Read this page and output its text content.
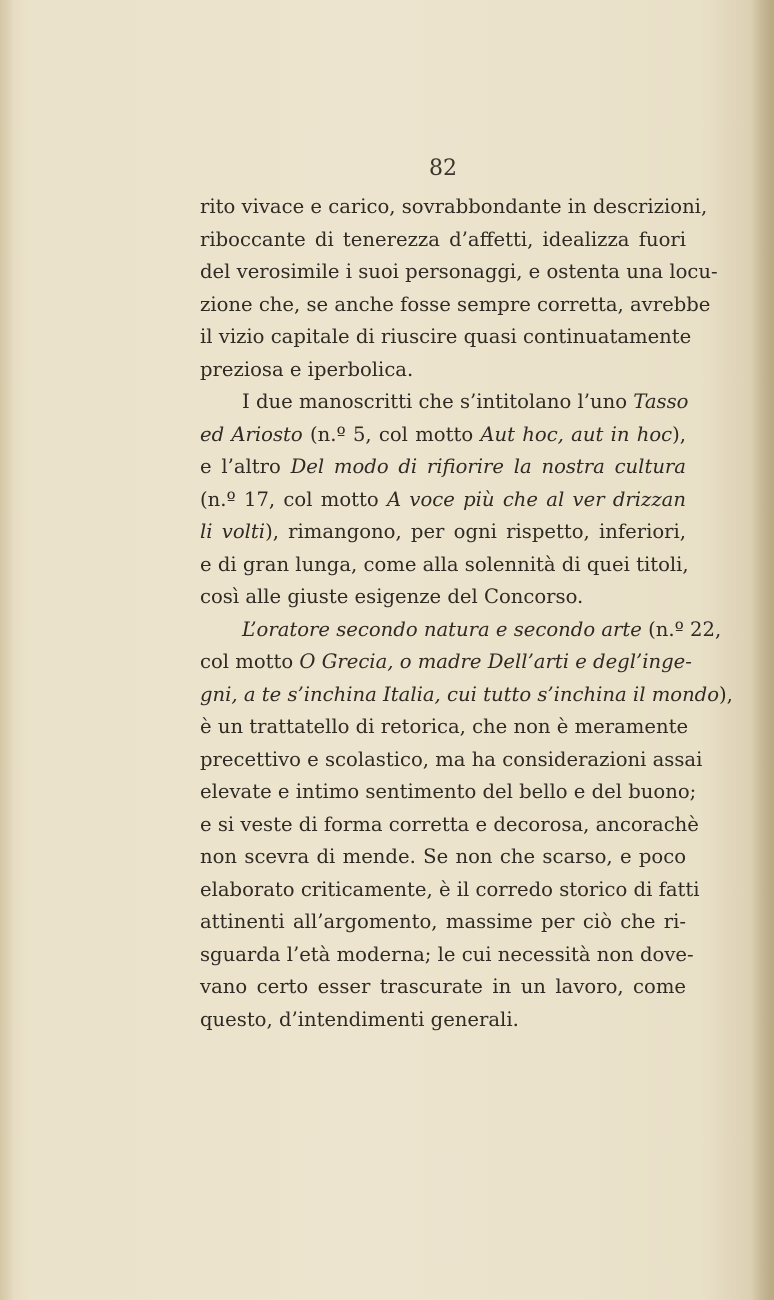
82
rito vivace e carico, sovrabbondante in descrizioni,
riboccante di tenerezza d’affetti, idealizza fuori
del verosimile i suoi personaggi, e ostenta una locu-
zione che, se anche fosse sempre corretta, avrebbe
il vizio capitale di riuscire quasi continuatamente
preziosa e iperbolica.
I due manoscritti che s’intitolano l’uno Tasso
ed Ariosto (n.º 5, col motto Aut hoc, aut in hoc),
e l’altro Del modo di rifiorire la nostra cultura
(n.º 17, col motto A voce più che al ver drizzan
li volti), rimangono, per ogni rispetto, inferiori,
e di gran lunga, come alla solennità di quei titoli,
così alle giuste esigenze del Concorso.
L’oratore secondo natura e secondo arte (n.º 22,
col motto O Grecia, o madre Dell’arti e degl’inge-
gni, a te s’inchina Italia, cui tutto s’inchina il mondo),
è un trattatello di retorica, che non è meramente
precettivo e scolastico, ma ha considerazioni assai
elevate e intimo sentimento del bello e del buono;
e si veste di forma corretta e decorosa, ancorachè
non scevra di mende. Se non che scarso, e poco
elaborato criticamente, è il corredo storico di fatti
attinenti all’argomento, massime per ciò che ri-
sguarda l’età moderna; le cui necessità non dove-
vano certo esser trascurate in un lavoro, come
questo, d’intendimenti generali.
